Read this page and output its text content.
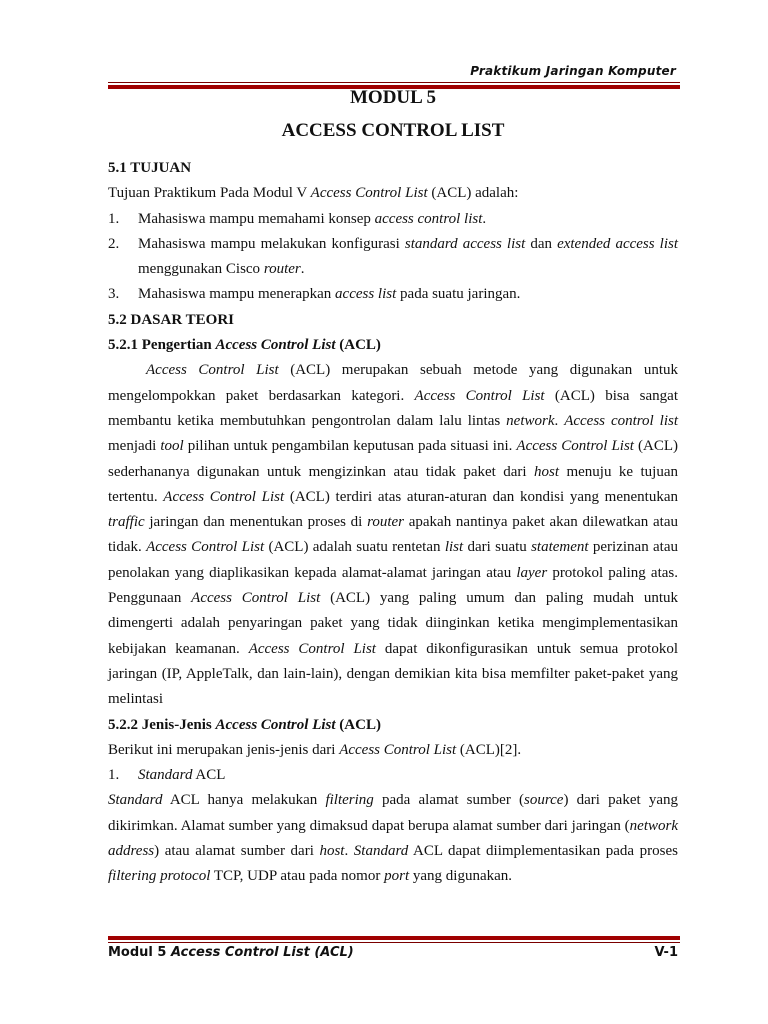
Praktikum Jaringan Komputer
MODUL 5
ACCESS CONTROL LIST

5.1 TUJUAN

Tujuan Praktikum Pada Modul V Access Control List (ACL) adalah:

1. Mahasiswa mampu memahami konsep access control list.

2. Mahasiswa mampu melakukan konfigurasi standard access list dan extended access list menggunakan Cisco router.

3. Mahasiswa mampu menerapkan access list pada suatu jaringan.

5.2 DASAR TEORI

5.2.1 Pengertian Access Control List (ACL)

Access Control List (ACL) merupakan sebuah metode yang digunakan untuk mengelompokkan paket berdasarkan kategori. Access Control List (ACL) bisa sangat membantu ketika membutuhkan pengontrolan dalam lalu lintas network. Access control list menjadi tool pilihan untuk pengambilan keputusan pada situasi ini. Access Control List (ACL) sederhananya digunakan untuk mengizinkan atau tidak paket dari host menuju ke tujuan tertentu. Access Control List (ACL) terdiri atas aturan-aturan dan kondisi yang menentukan traffic jaringan dan menentukan proses di router apakah nantinya paket akan dilewatkan atau tidak. Access Control List (ACL) adalah suatu rentetan list dari suatu statement perizinan atau penolakan yang diaplikasikan kepada alamat-alamat jaringan atau layer protokol paling atas. Penggunaan Access Control List (ACL) yang paling umum dan paling mudah untuk dimengerti adalah penyaringan paket yang tidak diinginkan ketika mengimplementasikan kebijakan keamanan. Access Control List dapat dikonfigurasikan untuk semua protokol jaringan (IP, AppleTalk, dan lain-lain), dengan demikian kita bisa memfilter paket-paket yang melintasi

5.2.2 Jenis-Jenis Access Control List (ACL)

Berikut ini merupakan jenis-jenis dari Access Control List (ACL)[2].

1. Standard ACL

Standard ACL hanya melakukan filtering pada alamat sumber (source) dari paket yang dikirimkan. Alamat sumber yang dimaksud dapat berupa alamat sumber dari jaringan (network address) atau alamat sumber dari host. Standard ACL dapat diimplementasikan pada proses filtering protocol TCP, UDP atau pada nomor port yang digunakan.

Modul 5 Access Control List (ACL)	V-1
